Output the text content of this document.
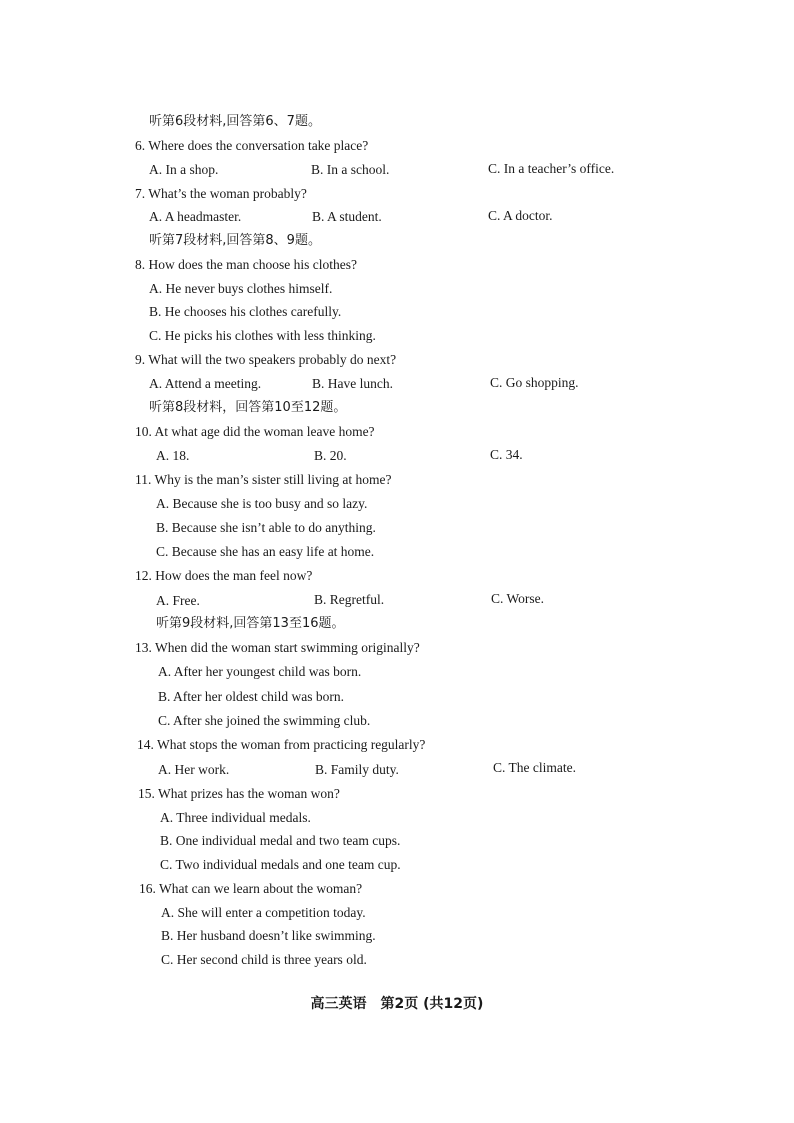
听第6段材料,回答第6、7题。
6. Where does the conversation take place?
A. In a shop.	B. In a school.	C. In a teacher’s office.
7. What’s the woman probably?
A. A headmaster.	B. A student.	C. A doctor.
听第7段材料,回答第8、9题。
8. How does the man choose his clothes?
A. He never buys clothes himself.
B. He chooses his clothes carefully.
C. He picks his clothes with less thinking.
9. What will the two speakers probably do next?
A. Attend a meeting.	B. Have lunch.	C. Go shopping.
听第8段材料，回答第10至12题。
10. At what age did the woman leave home?
A. 18.	B. 20.	C. 34.
11. Why is the man’s sister still living at home?
A. Because she is too busy and so lazy.
B. Because she isn’t able to do anything.
C. Because she has an easy life at home.
12. How does the man feel now?
A. Free.	B. Regretful.	C. Worse.
听第9段材料,回答第13至16题。
13. When did the woman start swimming originally?
A. After her youngest child was born.
B. After her oldest child was born.
C. After she joined the swimming club.
14. What stops the woman from practicing regularly?
A. Her work.	B. Family duty.	C. The climate.
15. What prizes has the woman won?
A. Three individual medals.
B. One individual medal and two team cups.
C. Two individual medals and one team cup.
16. What can we learn about the woman?
A. She will enter a competition today.
B. Her husband doesn’t like swimming.
C. Her second child is three years old.
高三英语 第2页 (共12页)
